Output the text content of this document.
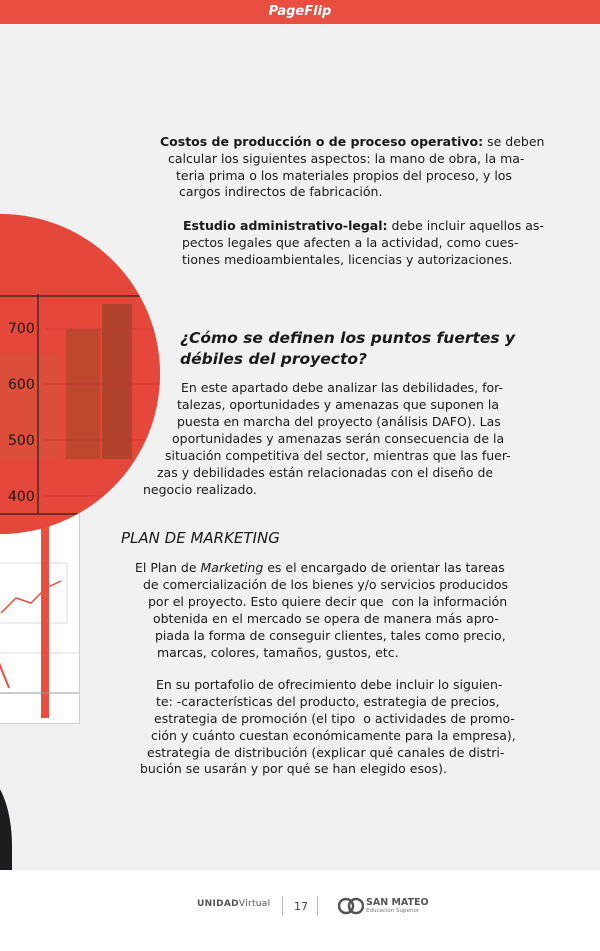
PageFlip
700
600
500
400
Costos de producción o de proceso operativo: se deben
calcular los siguientes aspectos: la mano de obra, la ma-
teria prima o los materiales propios del proceso, y los
cargos indirectos de fabricación.
Estudio administrativo-legal: debe incluir aquellos as-
pectos legales que afecten a la actividad, como cues-
tiones medioambientales, licencias y autorizaciones.
¿Cómo se definen los puntos fuertes y
débiles del proyecto?
En este apartado debe analizar las debilidades, for-
talezas, oportunidades y amenazas que suponen la
puesta en marcha del proyecto (análisis DAFO). Las
oportunidades y amenazas serán consecuencia de la
situación competitiva del sector, mientras que las fuer-
zas y debilidades están relacionadas con el diseño de
negocio realizado.
PLAN DE MARKETING
El Plan de Marketing es el encargado de orientar las tareas
de comercialización de los bienes y/o servicios producidos
por el proyecto. Esto quiere decir que  con la información
obtenida en el mercado se opera de manera más apro-
piada la forma de conseguir clientes, tales como precio,
marcas, colores, tamaños, gustos, etc.
En su portafolio de ofrecimiento debe incluir lo siguien-
te: -características del producto, estrategia de precios,
estrategia de promoción (el tipo  o actividades de promo-
ción y cuánto cuestan económicamente para la empresa),
estrategia de distribución (explicar qué canales de distri-
bución se usarán y por qué se han elegido esos).
UNIDADVirtual 17	SAN MATEO
Educación Superior
